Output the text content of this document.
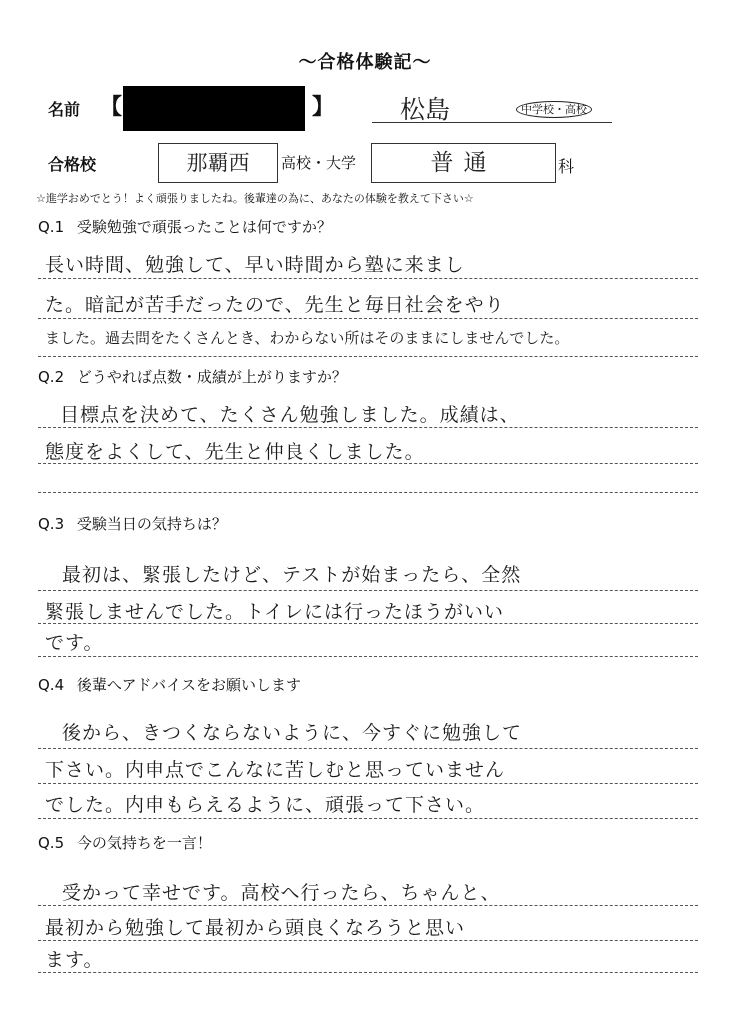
〜合格体験記〜
名前 【	】	松島	中学校・高校
合格校	那覇西	高校・大学	普通	科
☆進学おめでとう！よく頑張りましたね。後輩達の為に、あなたの体験を教えて下さい☆
Q.1 受験勉強で頑張ったことは何ですか？
長い時間、勉強して、早い時間から塾に来まし
た。暗記が苦手だったので、先生と毎日社会をやり
ました。過去問をたくさんとき、わからない所はそのままにしませんでした。
Q.2 どうやれば点数・成績が上がりますか？
目標点を決めて、たくさん勉強しました。成績は、
態度をよくして、先生と仲良くしました。
Q.3 受験当日の気持ちは？
最初は、緊張したけど、テストが始まったら、全然
緊張しませんでした。トイレには行ったほうがいい
です。
Q.4 後輩へアドバイスをお願いします
後から、きつくならないように、今すぐに勉強して
下さい。内申点でこんなに苦しむと思っていません
でした。内申もらえるように、頑張って下さい。
Q.5 今の気持ちを一言！
受かって幸せです。高校へ行ったら、ちゃんと、
最初から勉強して最初から頭良くなろうと思い
ます。
